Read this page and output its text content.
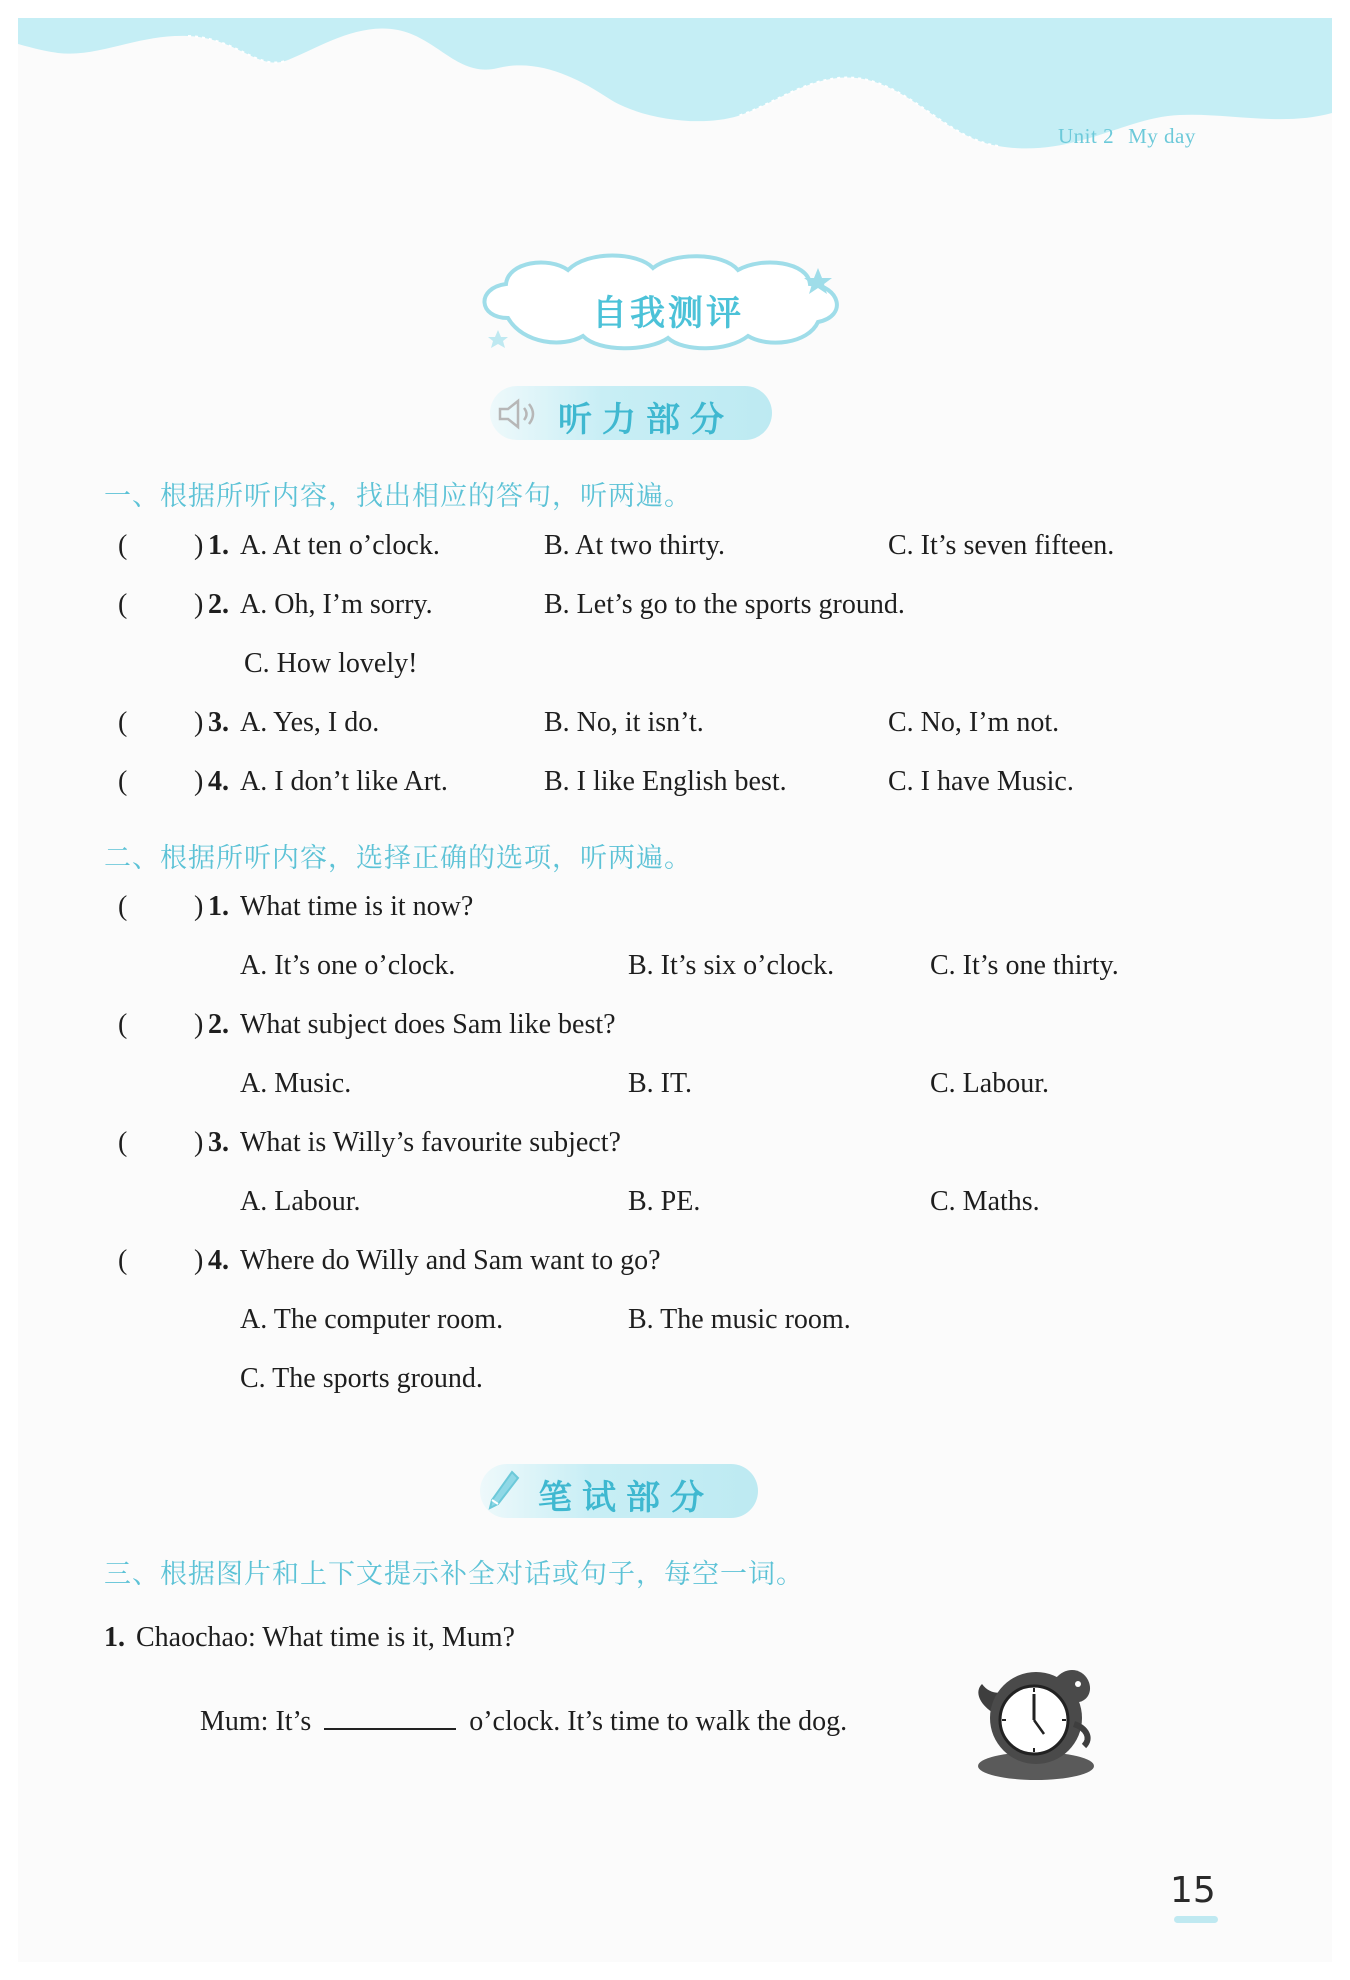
Unit 2 My day
自我测评
听力部分
一、根据所听内容，找出相应的答句，听两遍。
( ) 1. A. At ten o’clock.	B. At two thirty.	C. It’s seven fifteen.
( ) 2. A. Oh, I’m sorry.	B. Let’s go to the sports ground.
C. How lovely!
( ) 3. A. Yes, I do.	B. No, it isn’t.	C. No, I’m not.
( ) 4. A. I don’t like Art.	B. I like English best.	C. I have Music.
二、根据所听内容，选择正确的选项，听两遍。
( ) 1. What time is it now?
A. It’s one o’clock.	B. It’s six o’clock.	C. It’s one thirty.
( ) 2. What subject does Sam like best?
A. Music.	B. IT.	C. Labour.
( ) 3. What is Willy’s favourite subject?
A. Labour.	B. PE.	C. Maths.
( ) 4. Where do Willy and Sam want to go?
A. The computer room.	B. The music room.
C. The sports ground.
笔试部分
三、根据图片和上下文提示补全对话或句子，每空一词。
1. Chaochao: What time is it, Mum?
Mum: It’s	o’clock. It’s time to walk the dog.
15
